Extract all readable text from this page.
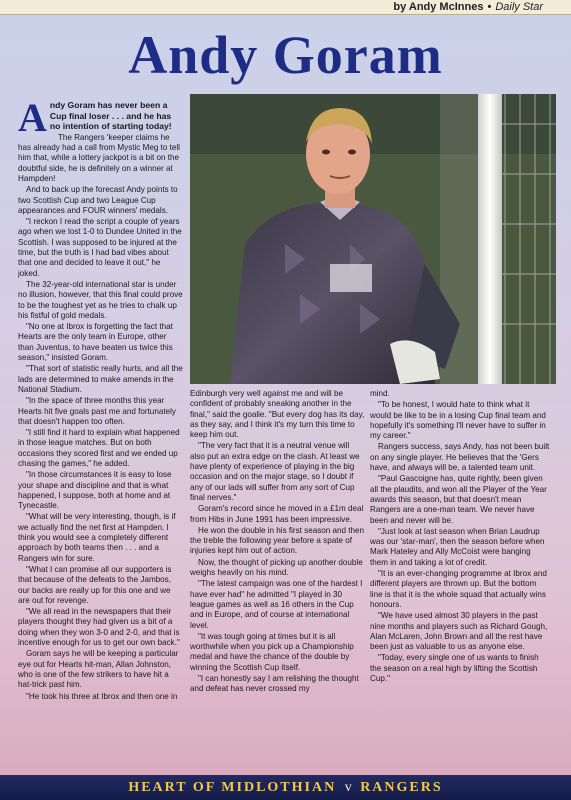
by Andy McInnes • Daily Star
Andy Goram

Andy Goram has never been a Cup final loser . . . and he has no intention of starting today!

The Rangers 'keeper claims he has already had a call from Mystic Meg to tell him that, while a lottery jackpot is a bit on the doubtful side, he is definitely on a winner at Hampden!

And to back up the forecast Andy points to two Scottish Cup and two League Cup appearances and FOUR winners' medals.

"I reckon I read the script a couple of years ago when we lost 1-0 to Dundee United in the Scottish. I was supposed to be injured at the time, but the truth is I had bad vibes about that one and decided to leave it out," he joked.

The 32-year-old international star is under no illusion, however, that this final could prove to be the toughest yet as he tries to chalk up his fistful of gold medals.

"No one at Ibrox is forgetting the fact that Hearts are the only team in Europe, other than Juventus, to have beaten us twice this season," insisted Goram.

"That sort of statistic really hurts, and all the lads are determined to make amends in the National Stadium.

"In the space of three months this year Hearts hit five goals past me and fortunately that doesn't happen too often.

"I still find it hard to explain what happened in those league matches. But on both occasions they scored first and we ended up chasing the games," he added.

"In those circumstances it is easy to lose your shape and discipline and that is what happened, I suppose, both at home and at Tynecastle.

"What will be very interesting, though, is if we actually find the net first at Hampden. I think you would see a completely different approach by both teams then . . . and a Rangers win for sure.

"What I can promise all our supporters is that because of the defeats to the Jambos, our backs are really up for this one and we are out for revenge.

"We all read in the newspapers that their players thought they had given us a bit of a doing when they won 3-0 and 2-0, and that is incentive enough for us to get our own back."

Goram says he will be keeping a particular eye out for Hearts hit-man, Allan Johnston, who is one of the few strikers to have hit a hat-trick past him.

"He took his three at Ibrox and then one in

Edinburgh very well against me and will be confident of probably sneaking another in the final," said the goalie. "But every dog has its day, as they say, and I think it's my turn this time to keep him out.

"The very fact that it is a neutral venue will also put an extra edge on the clash. At least we have plenty of experience of playing in the big occasion and on the major stage, so I doubt if any of our lads will suffer from any sort of Cup final nerves."

Goram's record since he moved in a £1m deal from Hibs in June 1991 has been impressive.

He won the double in his first season and then the treble the following year before a spate of injuries kept him out of action.

Now, the thought of picking up another double weighs heavily on his mind.

"The latest campaign was one of the hardest I have ever had" he admitted "I played in 30 league games as well as 16 others in the Cup and in Europe, and of course at international level.

"It was tough going at times but it is all worthwhile when you pick up a Championship medal and have the chance of the double by winning the Scottish Cup itself.

"I can honestly say I am relishing the thought and defeat has never crossed my

mind.

"To be honest, I would hate to think what it would be like to be in a losing Cup final team and hopefully it's something I'll never have to suffer in my career."

Rangers success, says Andy, has not been built on any single player. He believes that the 'Gers have, and always will be, a talented team unit.

"Paul Gascoigne has, quite rightly, been given all the plaudits, and won all the Player of the Year awards this season, but that doesn't mean Rangers are a one-man team. We never have been and never will be.

"Just look at last season when Brian Laudrup was our 'star-man', then the season before when Mark Hateley and Ally McCoist were banging them in and taking a lot of credit.

"It is an ever-changing programme at Ibrox and different players are thrown up. But the bottom line is that it is the whole squad that actually wins honours.

"We have used almost 30 players in the past nine months and players such as Richard Gough, Alan McLaren, John Brown and all the rest have been just as valuable to us as anyone else.

"Today, every single one of us wants to finish the season on a real high by lifting the Scottish Cup."

HEART OF MIDLOTHIAN v RANGERS
